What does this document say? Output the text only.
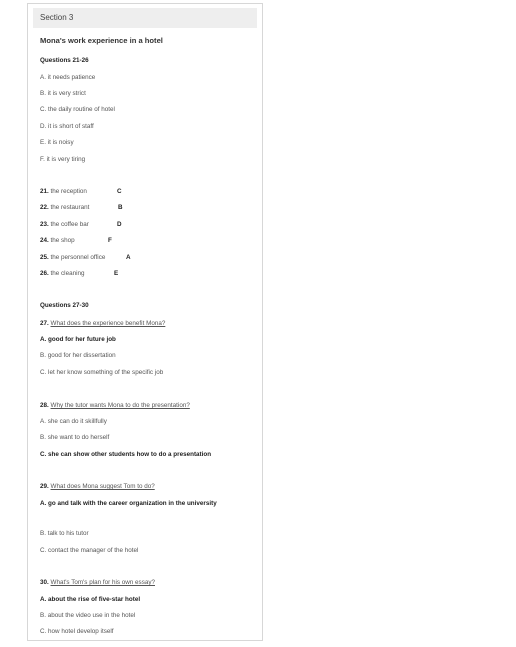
Section 3
Mona's work experience in a hotel
Questions 21-26
A. it needs patience
B. it is very strict
C. the daily routine of hotel
D. it is short of staff
E. it is noisy
F. it is very tiring
21. the reception	C
22. the restaurant	B
23. the coffee bar	D
24. the shop	F
25. the personnel office	A
26. the cleaning	E
Questions 27-30
27. What does the experience benefit Mona?
A. good for her future job
B. good for her dissertation
C. let her know something of the specific job
28. Why the tutor wants Mona to do the presentation?
A. she can do it skillfully
B. she want to do herself
C. she can show other students how to do a presentation
29. What does Mona suggest Tom to do?
A. go and talk with the career organization in the university
B. talk to his tutor
C. contact the manager of the hotel
30. What's Tom's plan for his own essay?
A. about the rise of five-star hotel
B. about the video use in the hotel
C. how hotel develop itself
